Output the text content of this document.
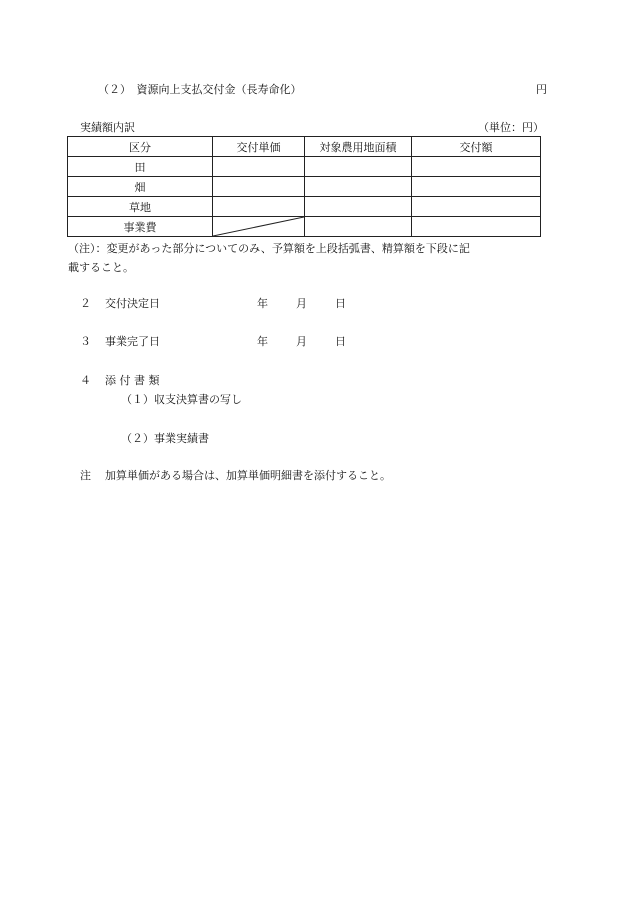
（２）　資源向上支払交付金（長寿命化）	円
実績額内訳	（単位：円）
区分	交付単価	対象農用地面積	交付額
田			
畑			
草地			
事業費	

（注）：変更があった部分についてのみ、予算額を上段括弧書、精算額を下段に記
載すること。
２ 交付決定日	年	月	日
３ 事業完了日	年	月	日
４ 添 付 書 類
（１）収支決算書の写し
（２）事業実績書
注 加算単価がある場合は、加算単価明細書を添付すること。
